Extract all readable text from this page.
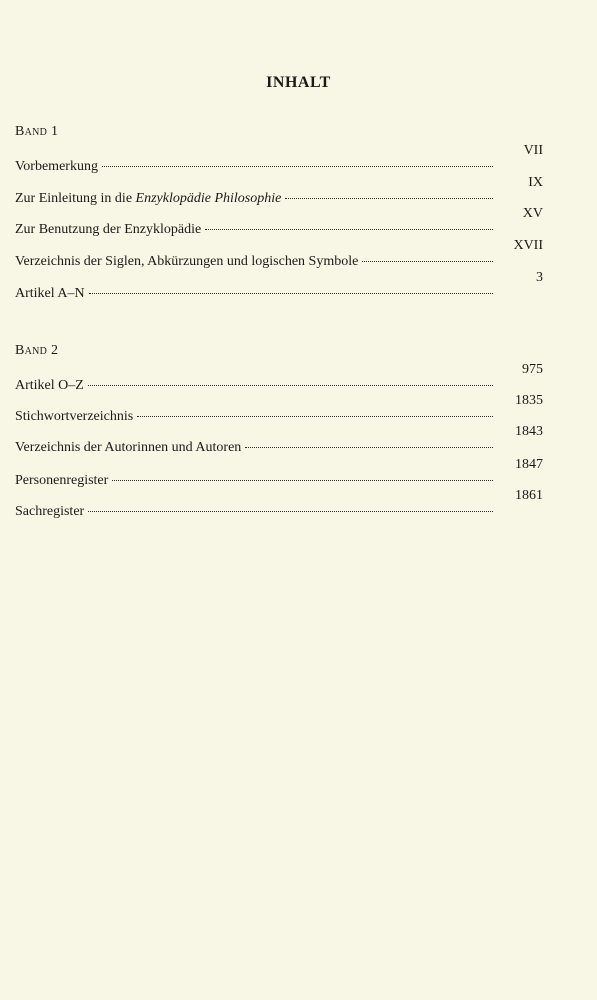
INHALT
Band 1
Vorbemerkung
VII
Zur Einleitung in die Enzyklopädie Philosophie
IX
Zur Benutzung der Enzyklopädie
XV
Verzeichnis der Siglen, Abkürzungen und logischen Symbole
XVII
Artikel A–N
3
Band 2
Artikel O–Z
975
Stichwortverzeichnis
1835
Verzeichnis der Autorinnen und Autoren
1843
Personenregister
1847
Sachregister
1861
